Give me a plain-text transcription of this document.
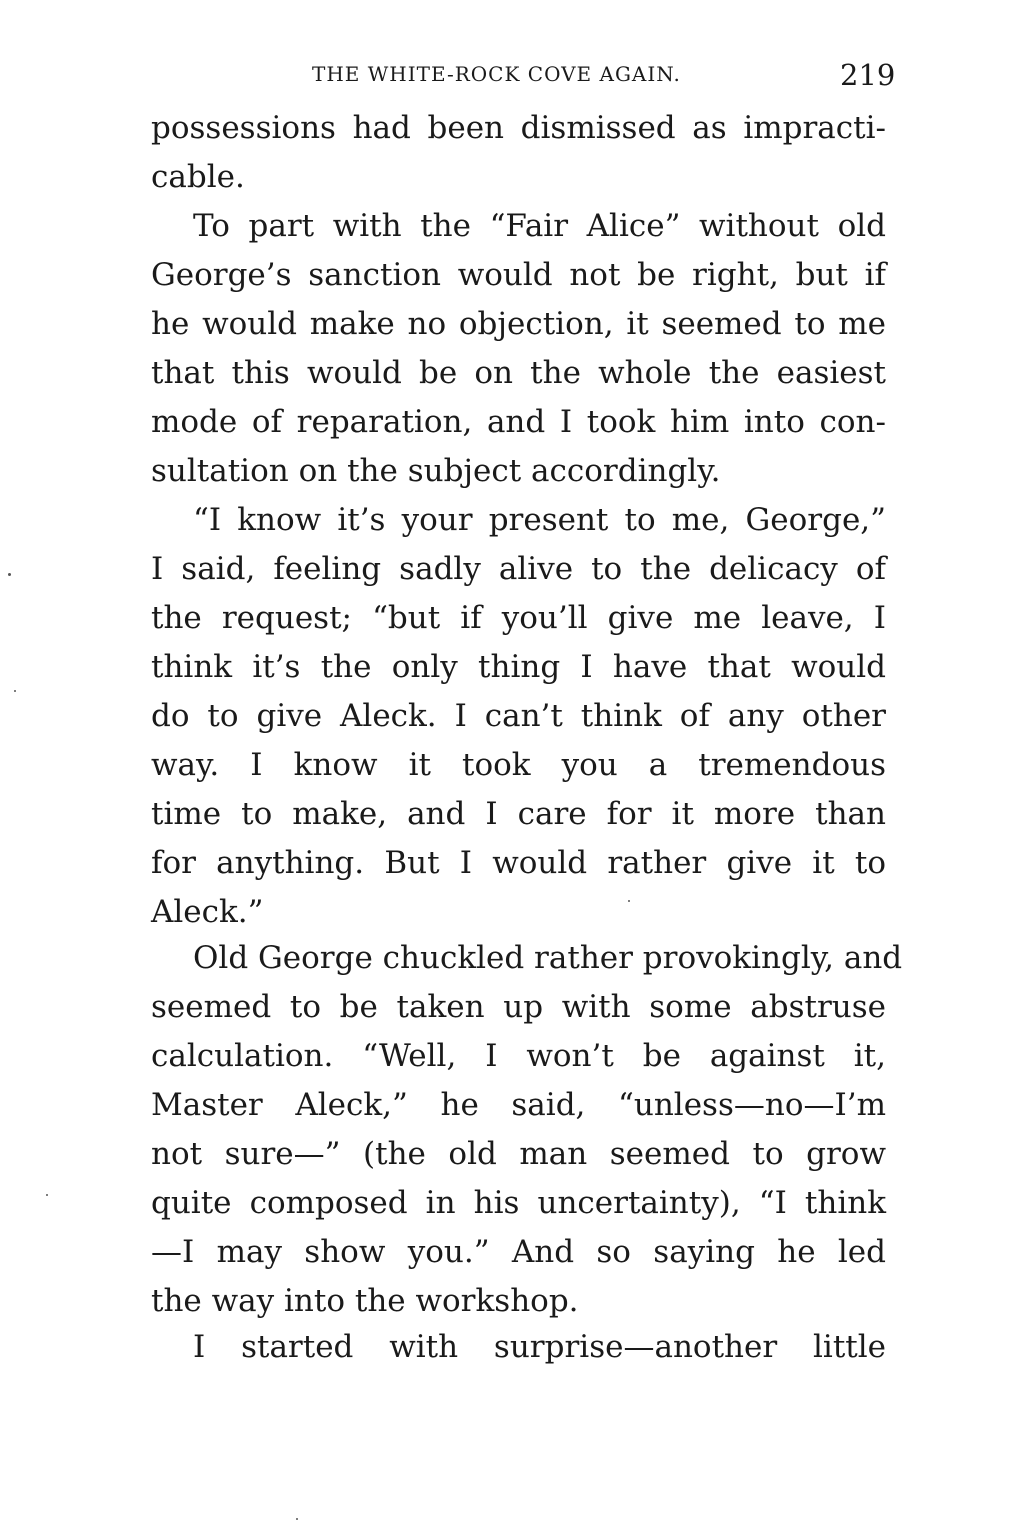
THE WHITE-ROCK COVE AGAIN.	219
possessions had been dismissed as impracti-
cable.
To part with the “Fair Alice” without old
George’s sanction would not be right, but if
he would make no objection, it seemed to me
that this would be on the whole the easiest
mode of reparation, and I took him into con-
sultation on the subject accordingly.
“I know it’s your present to me, George,”
I said, feeling sadly alive to the delicacy of
the request; “but if you’ll give me leave, I
think it’s the only thing I have that would
do to give Aleck. I can’t think of any other
way. I know it took you a tremendous
time to make, and I care for it more than
for anything. But I would rather give it to
Aleck.”
Old George chuckled rather provokingly, and
seemed to be taken up with some abstruse
calculation. “Well, I won’t be against it,
Master Aleck,” he said, “unless—no—I’m
not sure—” (the old man seemed to grow
quite composed in his uncertainty), “I think
—I may show you.” And so saying he led
the way into the workshop.
I started with surprise—another little
